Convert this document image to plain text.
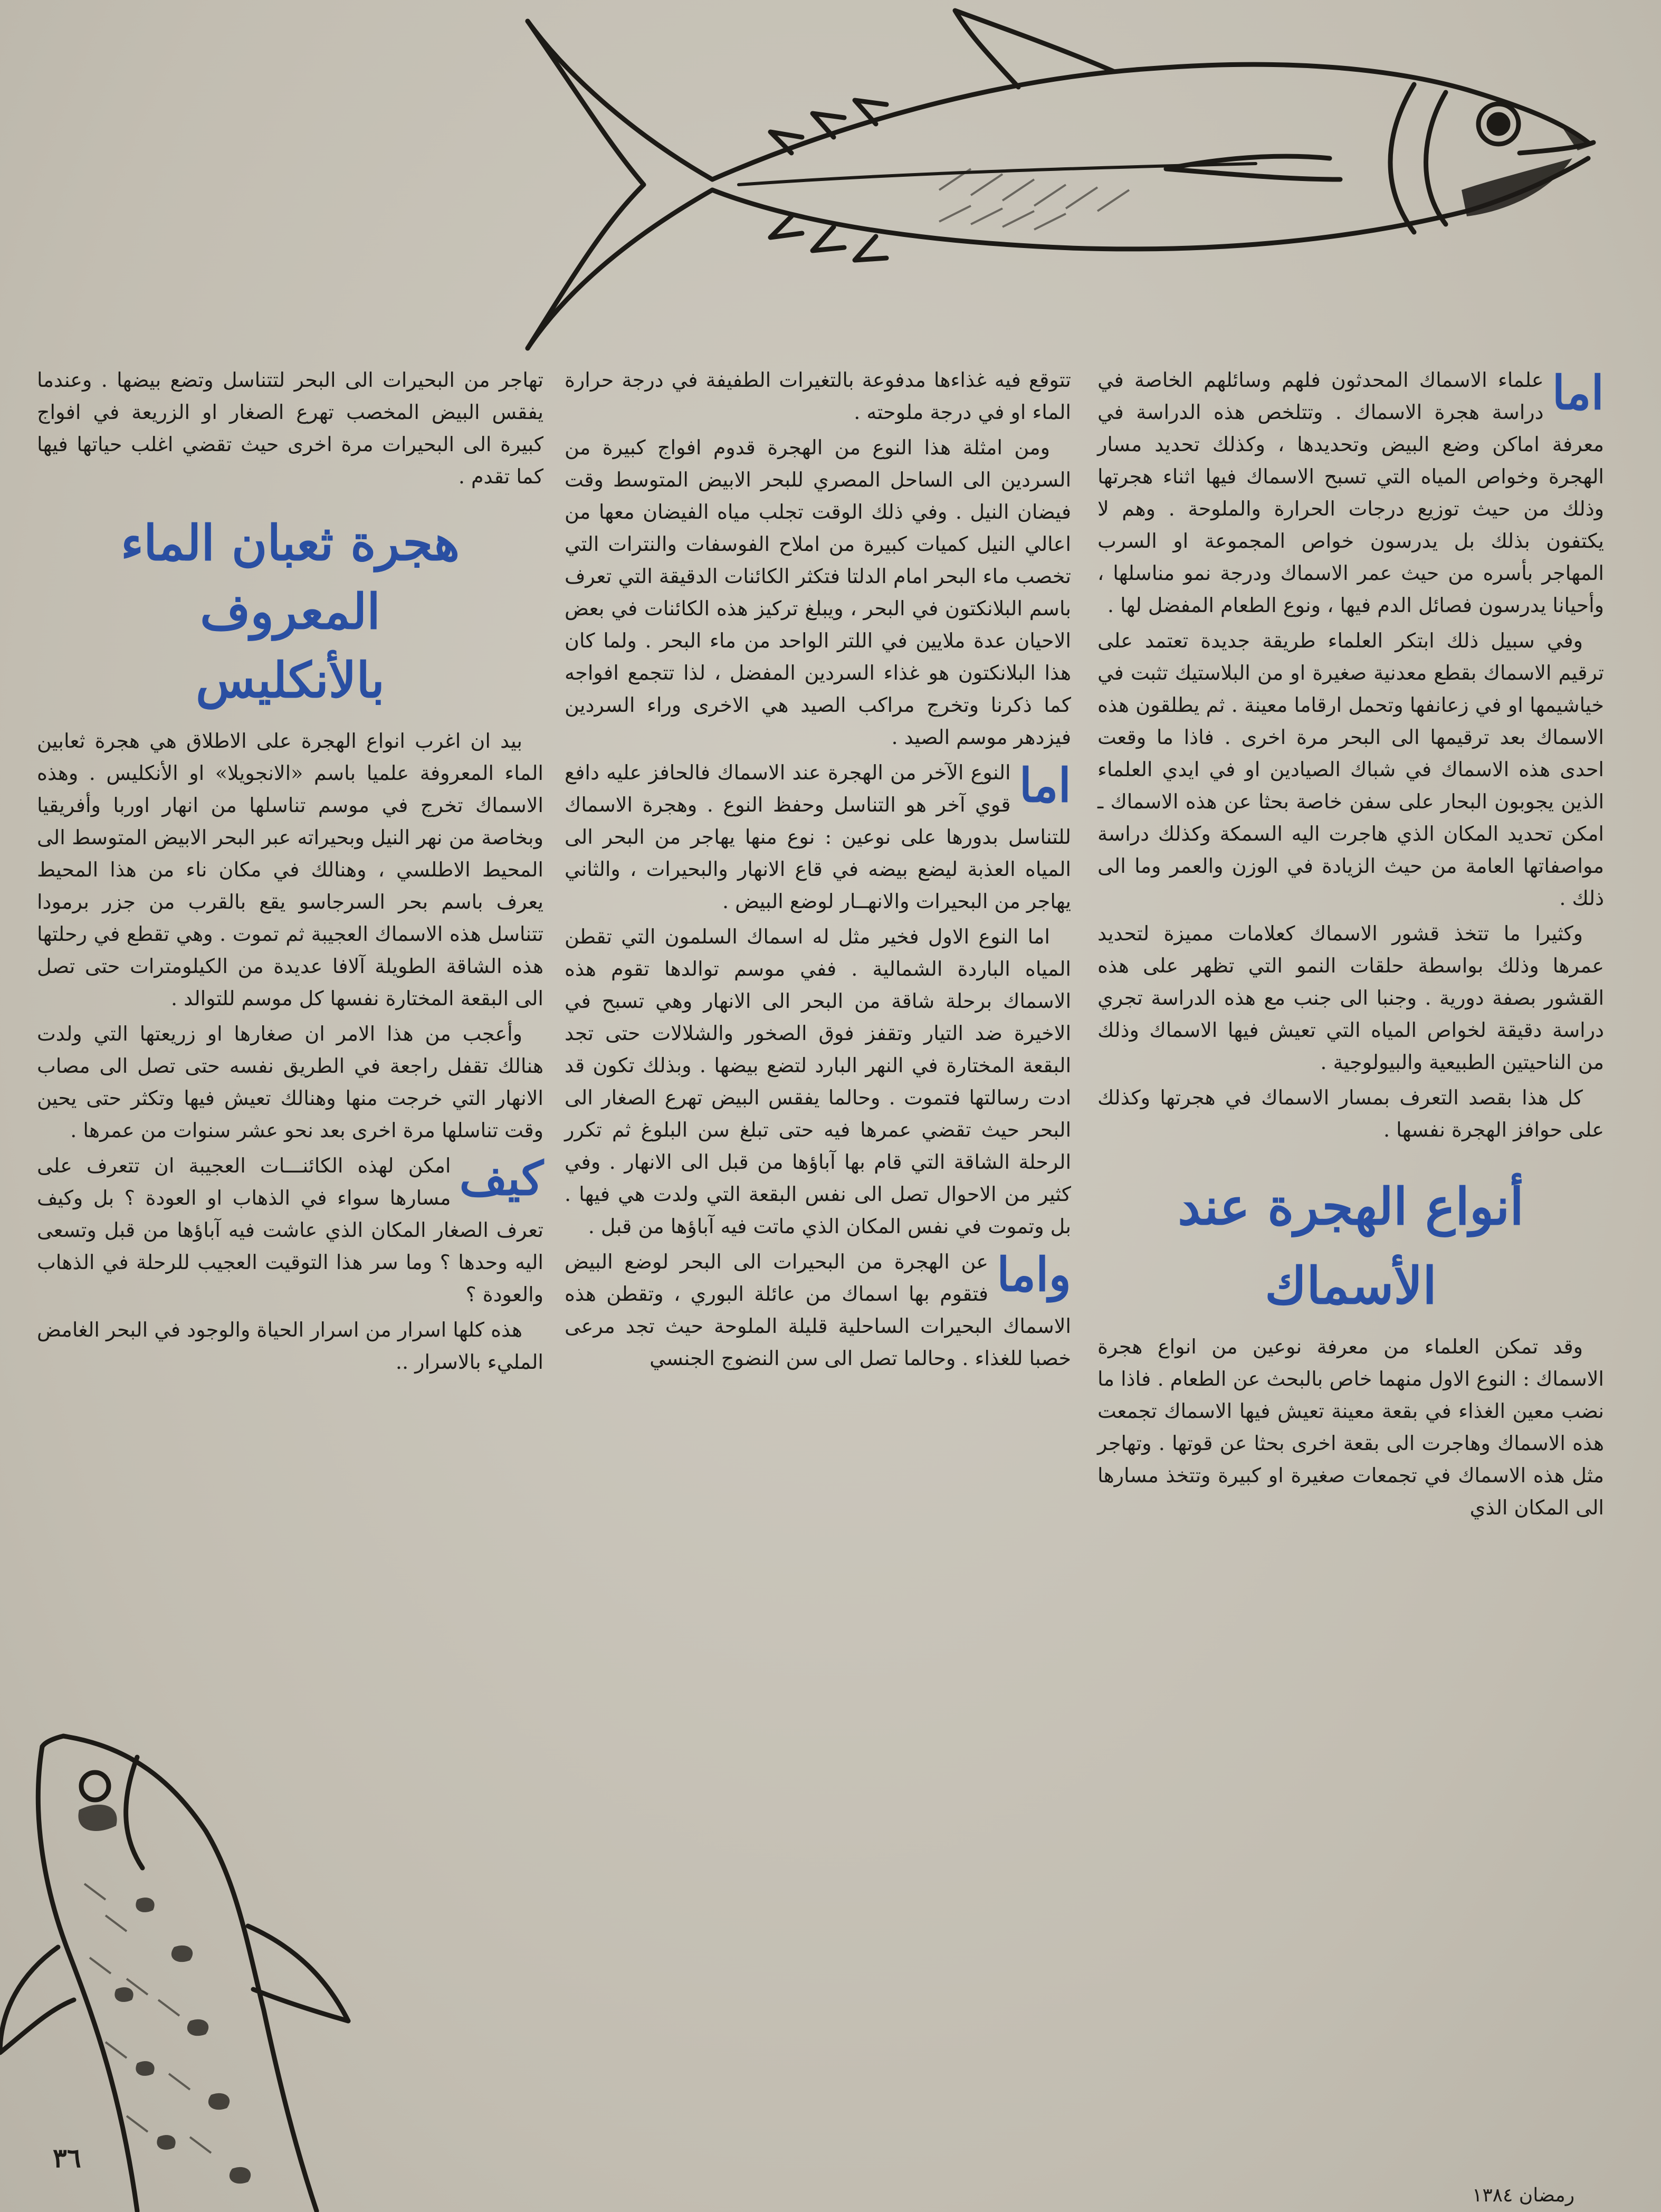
اما
علماء الاسماك المحدثون فلهم وسائلهم الخاصة في دراسة هجرة الاسماك . وتتلخص هذه الدراسة في معرفة اماكن وضع البيض وتحديدها ، وكذلك تحديد مسار الهجرة وخواص المياه التي تسبح الاسماك فيها اثناء هجرتها وذلك من حيث توزيع درجات الحرارة والملوحة . وهم لا يكتفون بذلك بل يدرسون خواص المجموعة او السرب المهاجر بأسره من حيث عمر الاسماك ودرجة نمو مناسلها ، وأحيانا يدرسون فصائل الدم فيها ، ونوع الطعام المفضل لها .

وفي سبيل ذلك ابتكر العلماء طريقة جديدة تعتمد على ترقيم الاسماك بقطع معدنية صغيرة او من البلاستيك تثبت في خياشيمها او في زعانفها وتحمل ارقاما معينة . ثم يطلقون هذه الاسماك بعد ترقيمها الى البحر مرة اخرى . فاذا ما وقعت احدى هذه الاسماك في شباك الصيادين او في ايدي العلماء الذين يجوبون البحار على سفن خاصة بحثا عن هذه الاسماك ـ امكن تحديد المكان الذي هاجرت اليه السمكة وكذلك دراسة مواصفاتها العامة من حيث الزيادة في الوزن والعمر وما الى ذلك .

وكثيرا ما تتخذ قشور الاسماك كعلامات مميزة لتحديد عمرها وذلك بواسطة حلقات النمو التي تظهر على هذه القشور بصفة دورية . وجنبا الى جنب مع هذه الدراسة تجري دراسة دقيقة لخواص المياه التي تعيش فيها الاسماك وذلك من الناحيتين الطبيعية والبيولوجية .

كل هذا بقصد التعرف بمسار الاسماك في هجرتها وكذلك على حوافز الهجرة نفسها .

أنواع الهجرة عند الأسماك

وقد تمكن العلماء من معرفة نوعين من انواع هجرة الاسماك : النوع الاول منهما خاص بالبحث عن الطعام . فاذا ما نضب معين الغذاء في بقعة معينة تعيش فيها الاسماك تجمعت هذه الاسماك وهاجرت الى بقعة اخرى بحثا عن قوتها . وتهاجر مثل هذه الاسماك في تجمعات صغيرة او كبيرة وتتخذ مسارها الى المكان الذي

تتوقع فيه غذاءها مدفوعة بالتغيرات الطفيفة في درجة حرارة الماء او في درجة ملوحته .

ومن امثلة هذا النوع من الهجرة قدوم افواج كبيرة من السردين الى الساحل المصري للبحر الابيض المتوسط وقت فيضان النيل . وفي ذلك الوقت تجلب مياه الفيضان معها من اعالي النيل كميات كبيرة من املاح الفوسفات والنترات التي تخصب ماء البحر امام الدلتا فتكثر الكائنات الدقيقة التي تعرف باسم البلانكتون في البحر ، ويبلغ تركيز هذه الكائنات في بعض الاحيان عدة ملايين في اللتر الواحد من ماء البحر . ولما كان هذا البلانكتون هو غذاء السردين المفضل ، لذا تتجمع افواجه كما ذكرنا وتخرج مراكب الصيد هي الاخرى وراء السردين فيزدهر موسم الصيد .

اما
النوع الآخر من الهجرة عند الاسماك فالحافز عليه دافع قوي آخر هو التناسل وحفظ النوع . وهجرة الاسماك للتناسل بدورها على نوعين : نوع منها يهاجر من البحر الى المياه العذبة ليضع بيضه في قاع الانهار والبحيرات ، والثاني يهاجر من البحيرات والانهــار لوضع البيض .

اما النوع الاول فخير مثل له اسماك السلمون التي تقطن المياه الباردة الشمالية . ففي موسم توالدها تقوم هذه الاسماك برحلة شاقة من البحر الى الانهار وهي تسبح في الاخيرة ضد التيار وتقفز فوق الصخور والشلالات حتى تجد البقعة المختارة في النهر البارد لتضع بيضها . وبذلك تكون قد ادت رسالتها فتموت . وحالما يفقس البيض تهرع الصغار الى البحر حيث تقضي عمرها فيه حتى تبلغ سن البلوغ ثم تكرر الرحلة الشاقة التي قام بها آباؤها من قبل الى الانهار . وفي كثير من الاحوال تصل الى نفس البقعة التي ولدت هي فيها . بل وتموت في نفس المكان الذي ماتت فيه آباؤها من قبل .

واما
عن الهجرة من البحيرات الى البحر لوضع البيض فتقوم بها اسماك من عائلة البوري ، وتقطن هذه الاسماك البحيرات الساحلية قليلة الملوحة حيث تجد مرعى خصبا للغذاء . وحالما تصل الى سن النضوج الجنسي

تهاجر من البحيرات الى البحر لتتناسل وتضع بيضها . وعندما يفقس البيض المخصب تهرع الصغار او الزريعة في افواج كبيرة الى البحيرات مرة اخرى حيث تقضي اغلب حياتها فيها كما تقدم .

هجرة ثعبان الماء المعروف
بالأنكليس

بيد ان اغرب انواع الهجرة على الاطلاق هي هجرة ثعابين الماء المعروفة علميا باسم «الانجويلا» او الأنكليس . وهذه الاسماك تخرج في موسم تناسلها من انهار اوربا وأفريقيا وبخاصة من نهر النيل وبحيراته عبر البحر الابيض المتوسط الى المحيط الاطلسي ، وهنالك في مكان ناء من هذا المحيط يعرف باسم بحر السرجاسو يقع بالقرب من جزر برمودا تتناسل هذه الاسماك العجيبة ثم تموت . وهي تقطع في رحلتها هذه الشاقة الطويلة آلافا عديدة من الكيلومترات حتى تصل الى البقعة المختارة نفسها كل موسم للتوالد .

وأعجب من هذا الامر ان صغارها او زريعتها التي ولدت هنالك تقفل راجعة في الطريق نفسه حتى تصل الى مصاب الانهار التي خرجت منها وهنالك تعيش فيها وتكثر حتى يحين وقت تناسلها مرة اخرى بعد نحو عشر سنوات من عمرها .

كيف
امكن لهذه الكائنـــات العجيبة ان تتعرف على مسارها سواء في الذهاب او العودة ؟ بل وكيف تعرف الصغار المكان الذي عاشت فيه آباؤها من قبل وتسعى اليه وحدها ؟ وما سر هذا التوقيت العجيب للرحلة في الذهاب والعودة ؟

هذه كلها اسرار من اسرار الحياة والوجود في البحر الغامض المليء بالاسرار ..

٣٦
رمضان ١٣٨٤
